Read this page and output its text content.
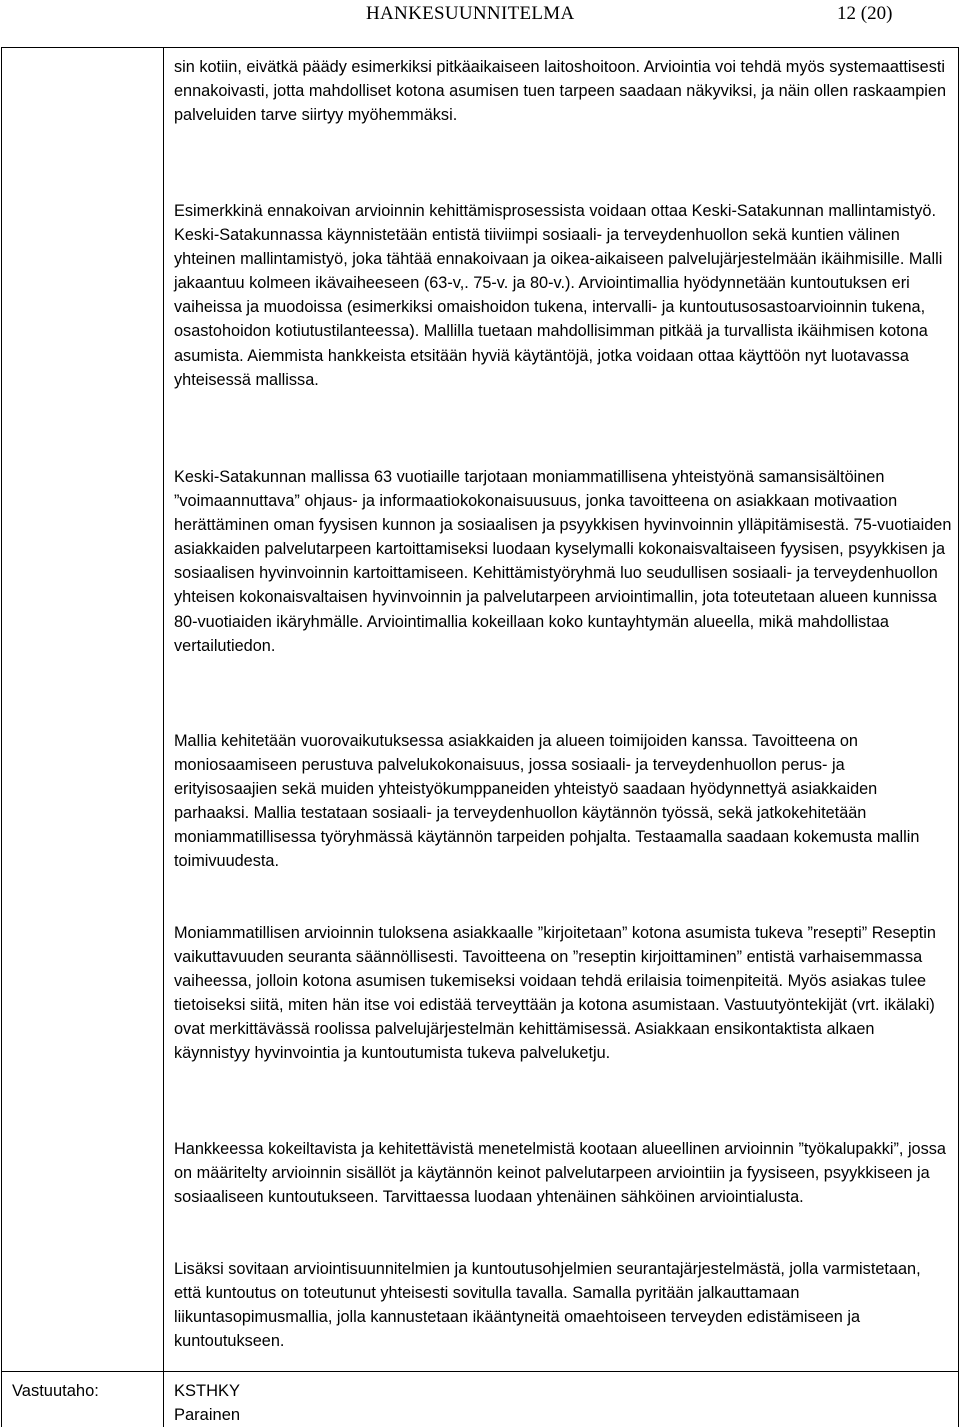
HANKESUUNNITELMA	12 (20)

sin kotiin, eivätkä päädy esimerkiksi pitkäaikaiseen laitoshoitoon. Arviointia voi tehdä myös systemaattisesti ennakoivasti, jotta mahdolliset kotona asumisen tuen tarpeen saadaan näkyviksi, ja näin ollen raskaampien palveluiden tarve siirtyy myöhemmäksi.

Esimerkkinä ennakoivan arvioinnin kehittämisprosessista voidaan ottaa Keski-Satakunnan mallintamistyö. Keski-Satakunnassa käynnistetään entistä tiiviimpi sosiaali- ja terveydenhuollon sekä kuntien välinen yhteinen mallintamistyö, joka tähtää ennakoivaan ja oikea-aikaiseen palvelujärjestelmään ikäihmisille. Malli jakaantuu kolmeen ikävaiheeseen (63-v,. 75-v. ja 80-v.). Arviointimallia hyödynnetään kuntoutuksen eri vaiheissa ja muodoissa (esimerkiksi omaishoidon tukena, intervalli- ja kuntoutusosastoarvioinnin tukena, osastohoidon kotiutustilanteessa). Mallilla tuetaan mahdollisimman pitkää ja turvallista ikäihmisen kotona asumista. Aiemmista hankkeista etsitään hyviä käytäntöjä, jotka voidaan ottaa käyttöön nyt luotavassa yhteisessä mallissa.

Keski-Satakunnan mallissa 63 vuotiaille tarjotaan moniammatillisena yhteistyönä samansisältöinen ”voimaannuttava” ohjaus- ja informaatiokokonaisuusuus, jonka tavoitteena on asiakkaan motivaation herättäminen oman fyysisen kunnon ja sosiaalisen ja psyykkisen hyvinvoinnin ylläpitämisestä. 75-vuotiaiden asiakkaiden palvelutarpeen kartoittamiseksi luodaan kyselymalli kokonaisvaltaiseen fyysisen, psyykkisen ja sosiaalisen hyvinvoinnin kartoittamiseen. Kehittämistyöryhmä luo seudullisen sosiaali- ja terveydenhuollon yhteisen kokonaisvaltaisen hyvinvoinnin ja palvelutarpeen arviointimallin, jota toteutetaan alueen kunnissa 80-vuotiaiden ikäryhmälle. Arviointimallia kokeillaan koko kuntayhtymän alueella, mikä mahdollistaa vertailutiedon.

Mallia kehitetään vuorovaikutuksessa asiakkaiden ja alueen toimijoiden kanssa. Tavoitteena on moniosaamiseen perustuva palvelukokonaisuus, jossa sosiaali- ja terveydenhuollon perus- ja erityisosaajien sekä muiden yhteistyökumppaneiden yhteistyö saadaan hyödynnettyä asiakkaiden parhaaksi. Mallia testataan sosiaali- ja terveydenhuollon käytännön työssä, sekä jatkokehitetään moniammatillisessa työryhmässä käytännön tarpeiden pohjalta. Testaamalla saadaan kokemusta mallin toimivuudesta.

Moniammatillisen arvioinnin tuloksena asiakkaalle ”kirjoitetaan” kotona asumista tukeva ”resepti” Reseptin vaikuttavuuden seuranta säännöllisesti. Tavoitteena on ”reseptin kirjoittaminen” entistä varhaisemmassa vaiheessa, jolloin kotona asumisen tukemiseksi voidaan tehdä erilaisia toimenpiteitä. Myös asiakas tulee tietoiseksi siitä, miten hän itse voi edistää terveyttään ja kotona asumistaan. Vastuutyöntekijät (vrt. ikälaki) ovat merkittävässä roolissa palvelujärjestelmän kehittämisessä. Asiakkaan ensikontaktista alkaen käynnistyy hyvinvointia ja kuntoutumista tukeva palveluketju.

Hankkeessa kokeiltavista ja kehitettävistä menetelmistä kootaan alueellinen arvioinnin ”työkalupakki”, jossa on määritelty arvioinnin sisällöt ja käytännön keinot palvelutarpeen arviointiin ja fyysiseen, psyykkiseen ja sosiaaliseen kuntoutukseen. Tarvittaessa luodaan yhtenäinen sähköinen arviointialusta.

Lisäksi sovitaan arviointisuunnitelmien ja kuntoutusohjelmien seurantajärjestelmästä, jolla varmistetaan, että kuntoutus on toteutunut yhteisesti sovitulla tavalla. Samalla pyritään jalkauttamaan liikuntasopimusmallia, jolla kannustetaan ikääntyneitä omaehtoiseen terveyden edistämiseen ja kuntoutukseen.

Vastuutaho:	KSTHKY
Parainen
